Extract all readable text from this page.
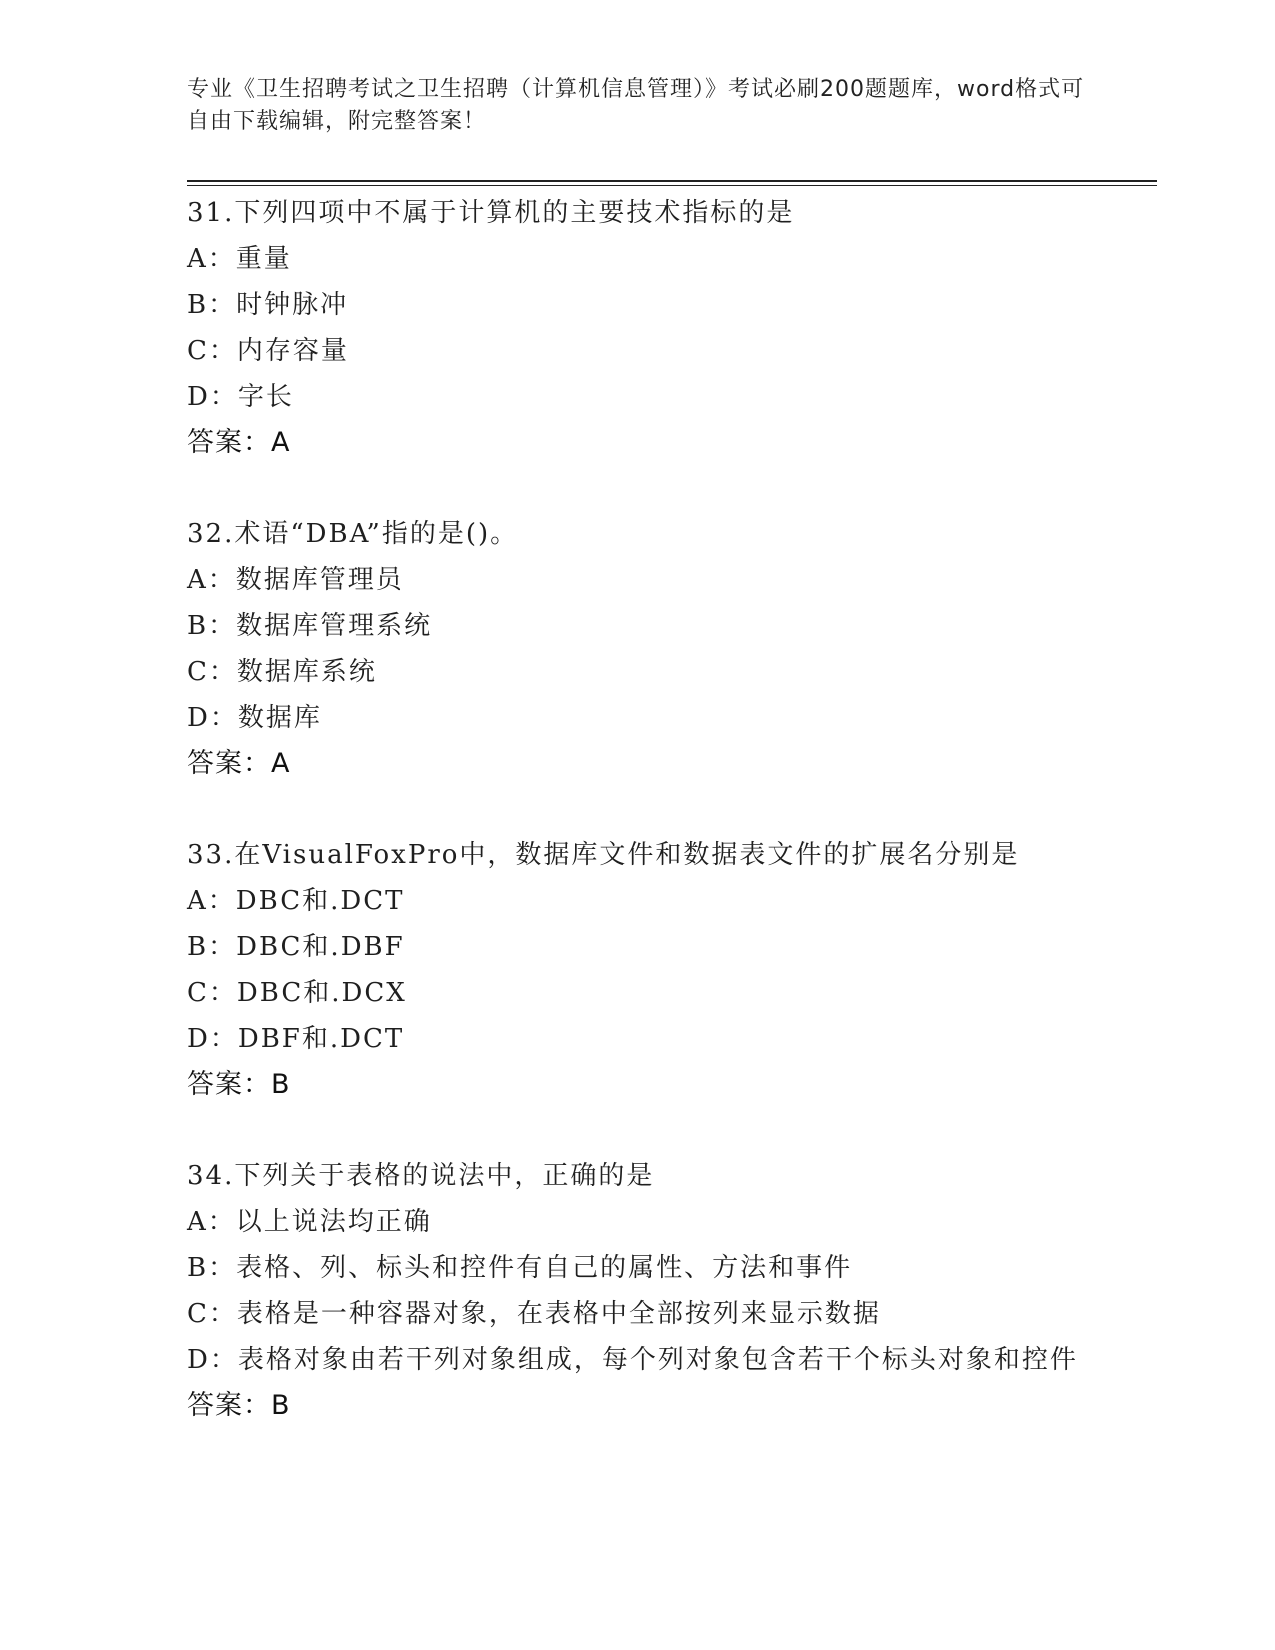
专业《卫生招聘考试之卫生招聘（计算机信息管理）》考试必刷200题题库，word格式可自由下载编辑，附完整答案！
31.下列四项中不属于计算机的主要技术指标的是
A：重量
B：时钟脉冲
C：内存容量
D：字长
答案：A
32.术语“DBA”指的是()。
A：数据库管理员
B：数据库管理系统
C：数据库系统
D：数据库
答案：A
33.在VisualFoxPro中，数据库文件和数据表文件的扩展名分别是
A：DBC和.DCT
B：DBC和.DBF
C：DBC和.DCX
D：DBF和.DCT
答案：B
34.下列关于表格的说法中，正确的是
A：以上说法均正确
B：表格、列、标头和控件有自己的属性、方法和事件
C：表格是一种容器对象，在表格中全部按列来显示数据
D：表格对象由若干列对象组成，每个列对象包含若干个标头对象和控件
答案：B
